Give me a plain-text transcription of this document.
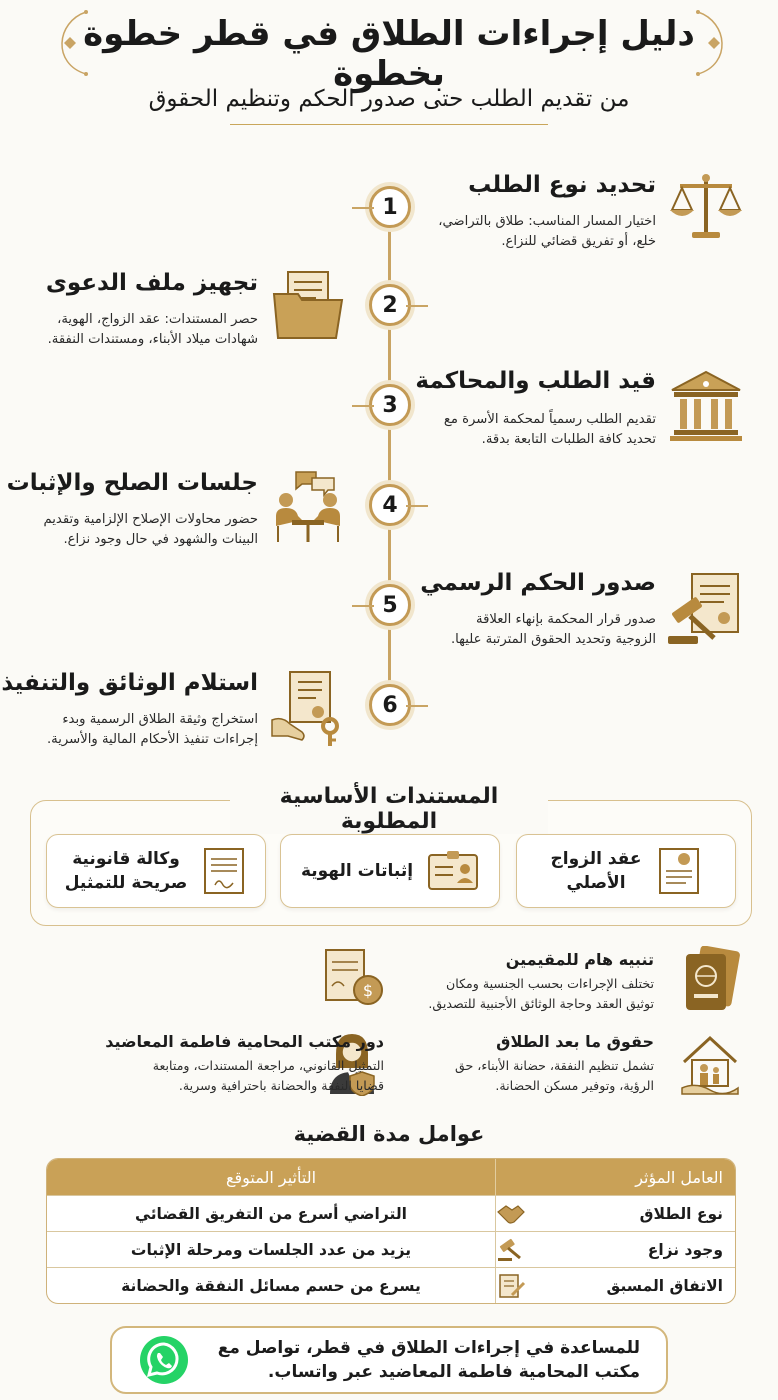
دليل إجراءات الطلاق في قطر خطوة بخطوة
من تقديم الطلب حتى صدور الحكم وتنظيم الحقوق
1
تحديد نوع الطلب
اختيار المسار المناسب: طلاق بالتراضي،
خلع، أو تفريق قضائي للنزاع.
2
تجهيز ملف الدعوى
حصر المستندات: عقد الزواج، الهوية،
شهادات ميلاد الأبناء، ومستندات النفقة.
3
قيد الطلب والمحاكمة
تقديم الطلب رسمياً لمحكمة الأسرة مع
تحديد كافة الطلبات التابعة بدقة.
4
جلسات الصلح والإثبات
حضور محاولات الإصلاح الإلزامية وتقديم
البينات والشهود في حال وجود نزاع.
5
صدور الحكم الرسمي
صدور قرار المحكمة بإنهاء العلاقة
الزوجية وتحديد الحقوق المترتبة عليها.
6
استلام الوثائق والتنفيذ
استخراج وثيقة الطلاق الرسمية وبدء
إجراءات تنفيذ الأحكام المالية والأسرية.
المستندات الأساسية المطلوبة
عقد الزواج
الأصلي
إثباتات الهوية
وكالة قانونية
صريحة للتمثيل
تنبيه هام للمقيمين
تختلف الإجراءات بحسب الجنسية ومكان
توثيق العقد وحاجة الوثائق الأجنبية للتصديق.
$
حقوق ما بعد الطلاق
تشمل تنظيم النفقة، حضانة الأبناء، حق
الرؤية، وتوفير مسكن الحضانة.
دور مكتب المحامية فاطمة المعاضيد
التمثيل القانوني، مراجعة المستندات، ومتابعة
قضايا النفقة والحضانة باحترافية وسرية.
عوامل مدة القضية
العامل المؤثر
التأثير المتوقع
نوع الطلاق
التراضي أسرع من التفريق القضائي
وجود نزاع
يزيد من عدد الجلسات ومرحلة الإثبات
الاتفاق المسبق
يسرع من حسم مسائل النفقة والحضانة
للمساعدة في إجراءات الطلاق في قطر، تواصل مع
مكتب المحامية فاطمة المعاضيد عبر واتساب.
